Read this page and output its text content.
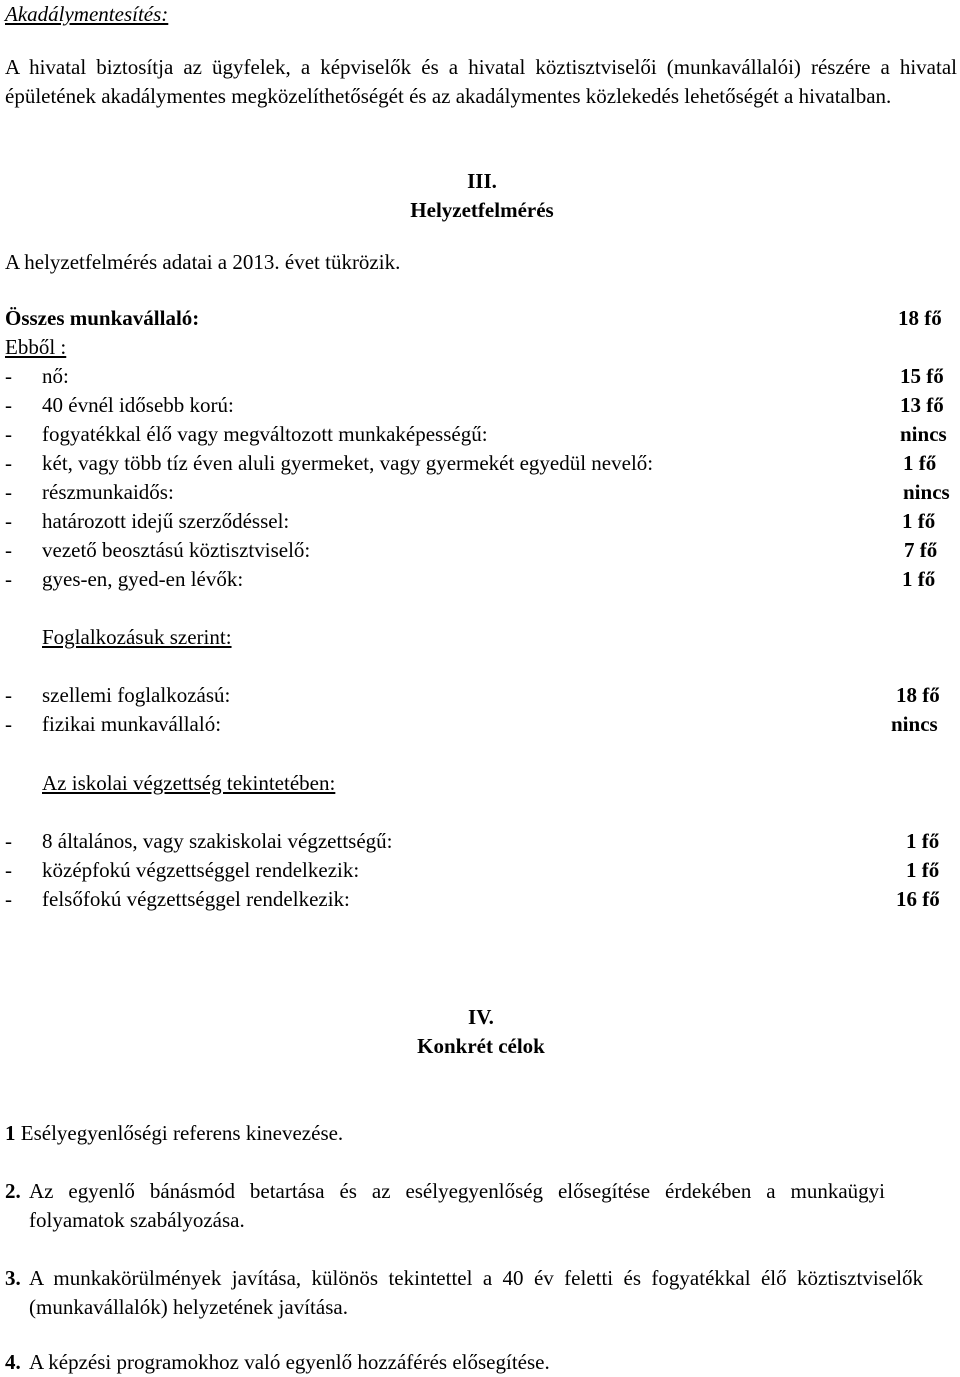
Akadálymentesítés:

A hivatal biztosítja az ügyfelek, a képviselők és a hivatal köztisztviselői (munkavállalói) részére a hivatal épületének akadálymentes megközelíthetőségét és az akadálymentes közlekedés lehetőségét a hivatalban.

III.
Helyzetfelmérés

A helyzetfelmérés adatai a 2013. évet tükrözik.

Összes munkavállaló:	18 fő

Ebből :

- nő:	15 fő
- 40 évnél idősebb korú:	13 fő
- fogyatékkal élő vagy megváltozott munkaképességű:	nincs
- két, vagy több tíz éven aluli gyermeket, vagy gyermekét egyedül nevelő:	1 fő
- részmunkaidős:	nincs
- határozott idejű szerződéssel:	1 fő
- vezető beosztású köztisztviselő:	7 fő
- gyes-en, gyed-en lévők:	1 fő

Foglalkozásuk szerint:

- szellemi foglalkozású:	18 fő
- fizikai munkavállaló:	nincs

Az iskolai végzettség tekintetében:

- 8 általános, vagy szakiskolai végzettségű:	1 fő
- középfokú végzettséggel rendelkezik:	1 fő
- felsőfokú végzettséggel rendelkezik:	16 fő
IV.
Konkrét célok
1 Esélyegyenlőségi referens kinevezése.
2. Az egyenlő bánásmód betartása és az esélyegyenlőség elősegítése érdekében a munkaügyi folyamatok szabályozása.
3. A munkakörülmények javítása, különös tekintettel a 40 év feletti és fogyatékkal élő köztisztviselők (munkavállalók) helyzetének javítása.
4. A képzési programokhoz való egyenlő hozzáférés elősegítése.
